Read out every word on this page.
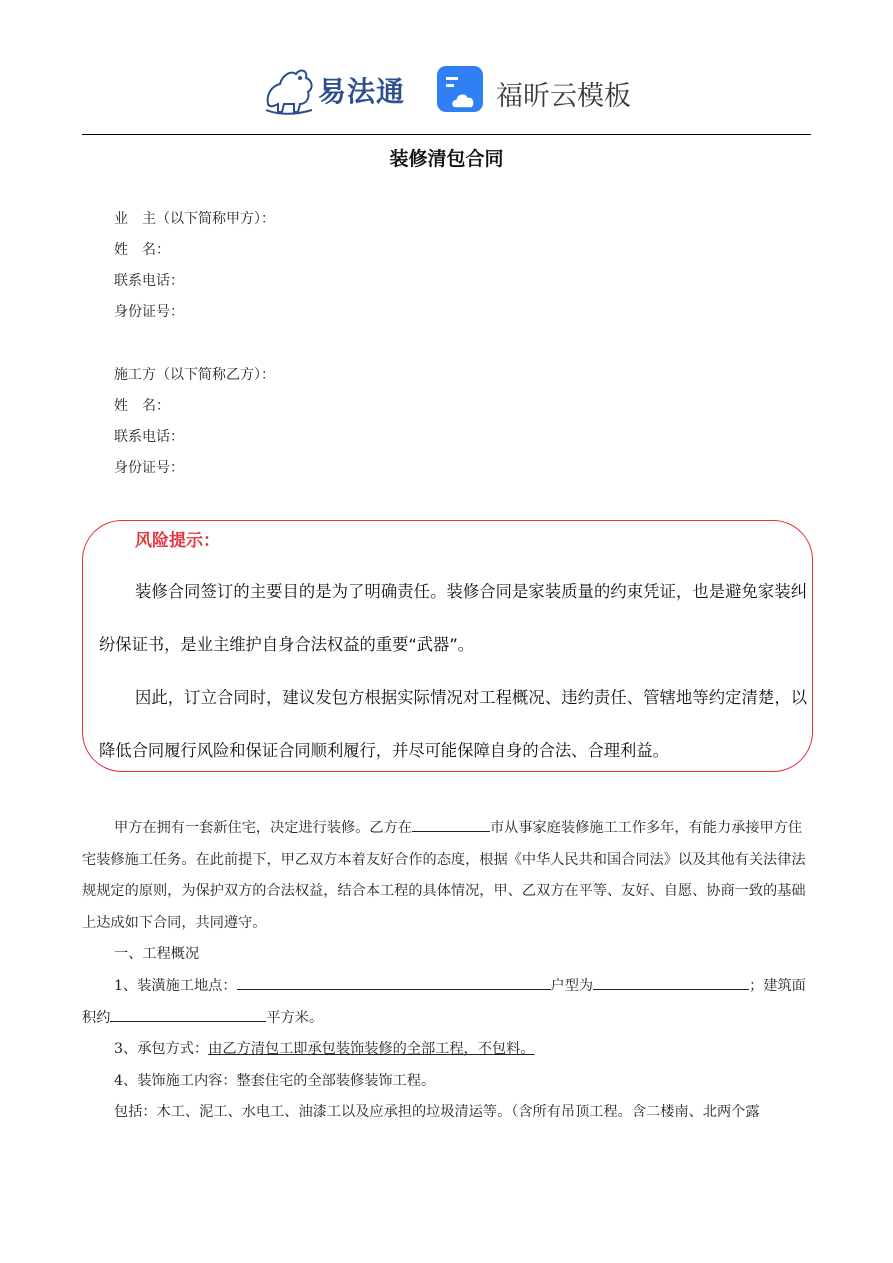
易法通	福昕云模板
装修清包合同
业　主（以下简称甲方）：
姓　名：
联系电话：
身份证号：
施工方（以下简称乙方）：
姓　名：
联系电话：
身份证号：
风险提示：

装修合同签订的主要目的是为了明确责任。装修合同是家装质量的约束凭证，也是避免家装纠纷保证书，是业主维护自身合法权益的重要“武器”。

因此，订立合同时，建议发包方根据实际情况对工程概况、违约责任、管辖地等约定清楚，以降低合同履行风险和保证合同顺利履行，并尽可能保障自身的合法、合理利益。

甲方在拥有一套新住宅，决定进行装修。乙方在	市从事家庭装修施工工作多年，有能力承接甲方住宅装修施工任务。在此前提下，甲乙双方本着友好合作的态度，根据《中华人民共和国合同法》以及其他有关法律法规规定的原则，为保护双方的合法权益，结合本工程的具体情况，甲、乙双方在平等、友好、自愿、协商一致的基础上达成如下合同，共同遵守。

一、工程概况

1、装潢施工地点：	户型为	；建筑面积约	平方米。

3、承包方式：由乙方清包工即承包装饰装修的全部工程，不包料。

4、装饰施工内容：整套住宅的全部装修装饰工程。

包括：木工、泥工、水电工、油漆工以及应承担的垃圾清运等。（含所有吊顶工程。含二楼南、北两个露
